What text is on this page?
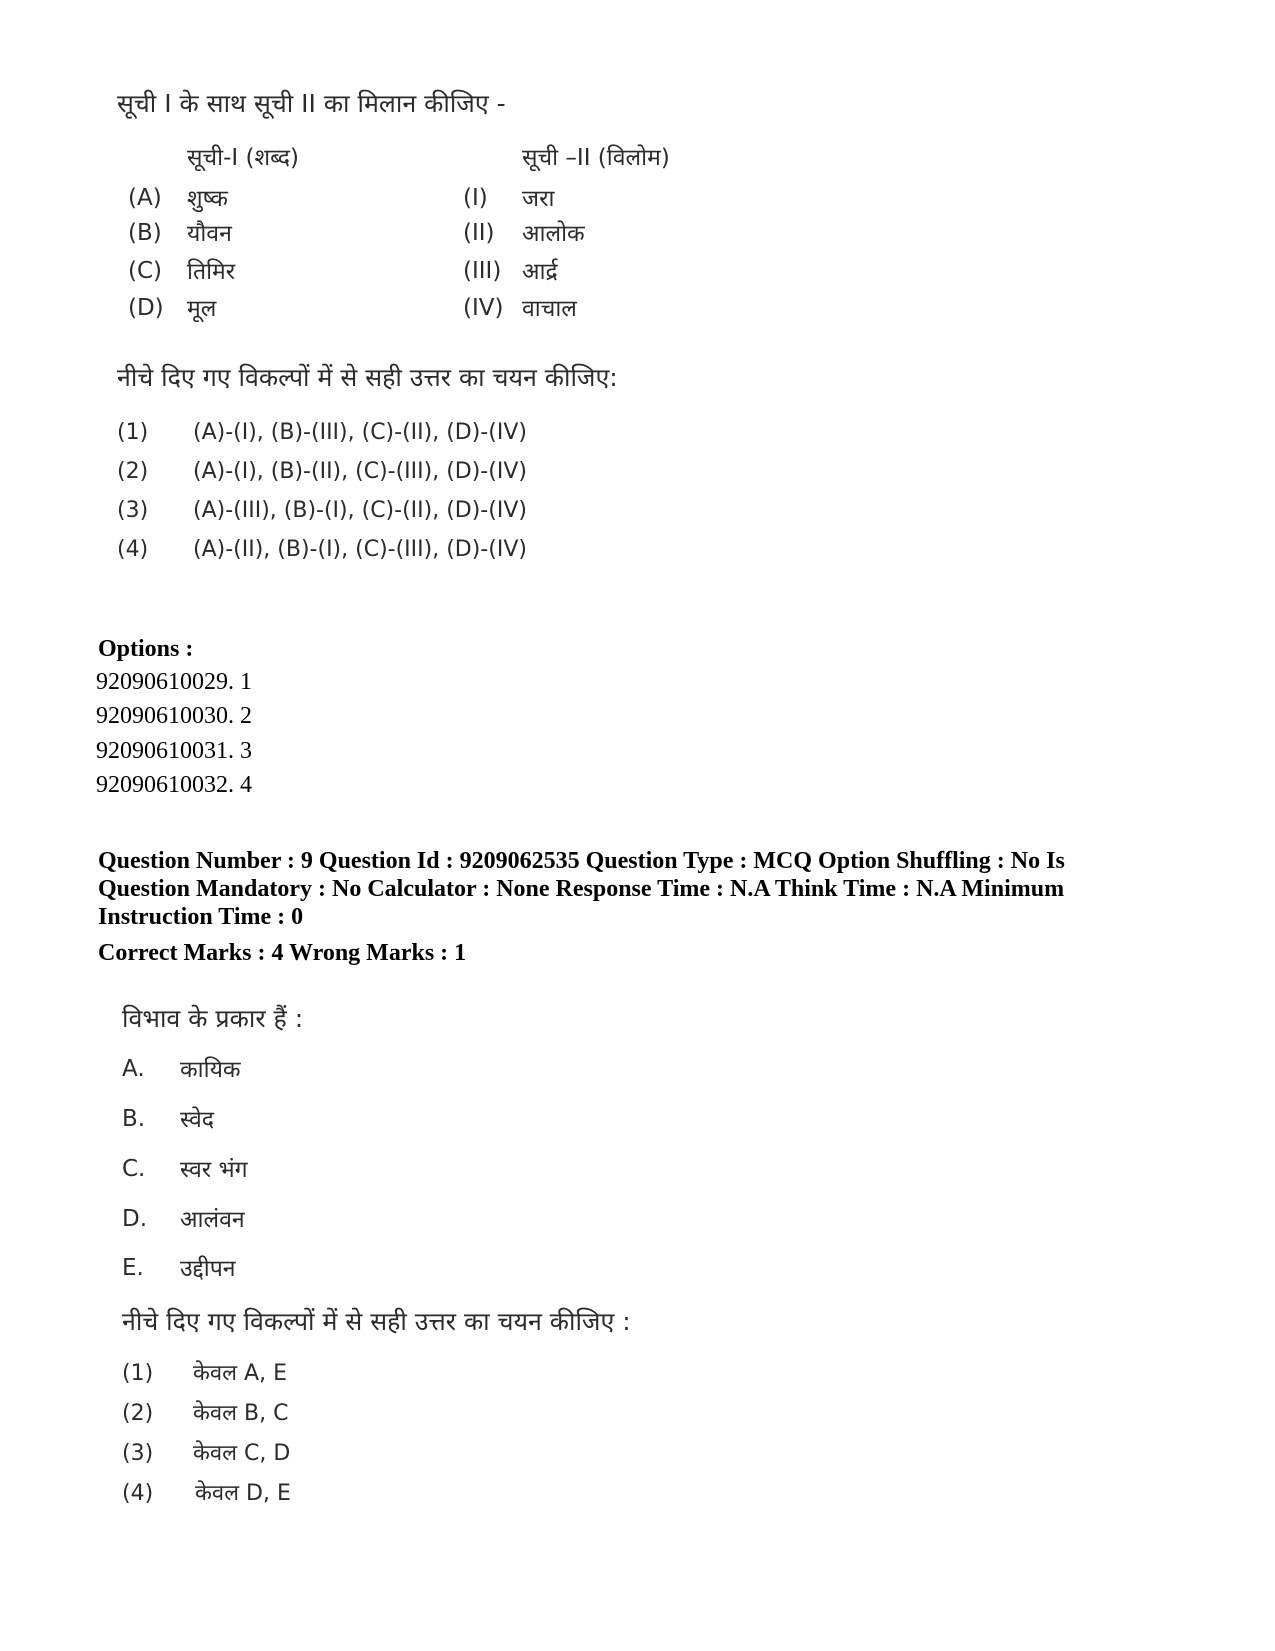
सूची I के साथ सूची II का मिलान कीजिए -
सूची-I (शब्द)	सूची –II (विलोम)
(A) शुष्क	(I) जरा
(B) यौवन	(II) आलोक
(C) तिमिर	(III) आर्द्र
(D) मूल	(IV) वाचाल
नीचे दिए गए विकल्पों में से सही उत्तर का चयन कीजिए:
(1) (A)-(I), (B)-(III), (C)-(II), (D)-(IV)
(2) (A)-(I), (B)-(II), (C)-(III), (D)-(IV)
(3) (A)-(III), (B)-(I), (C)-(II), (D)-(IV)
(4) (A)-(II), (B)-(I), (C)-(III), (D)-(IV)
Options :
92090610029. 1
92090610030. 2
92090610031. 3
92090610032. 4
Question Number : 9 Question Id : 9209062535 Question Type : MCQ Option Shuffling : No Is Question Mandatory : No Calculator : None Response Time : N.A Think Time : N.A Minimum Instruction Time : 0
Correct Marks : 4 Wrong Marks : 1
विभाव के प्रकार हैं :
A. कायिक
B. स्वेद
C. स्वर भंग
D. आलंवन
E. उद्दीपन
नीचे दिए गए विकल्पों में से सही उत्तर का चयन कीजिए :
(1) केवल A, E
(2) केवल B, C
(3) केवल C, D
(4) केवल D, E
